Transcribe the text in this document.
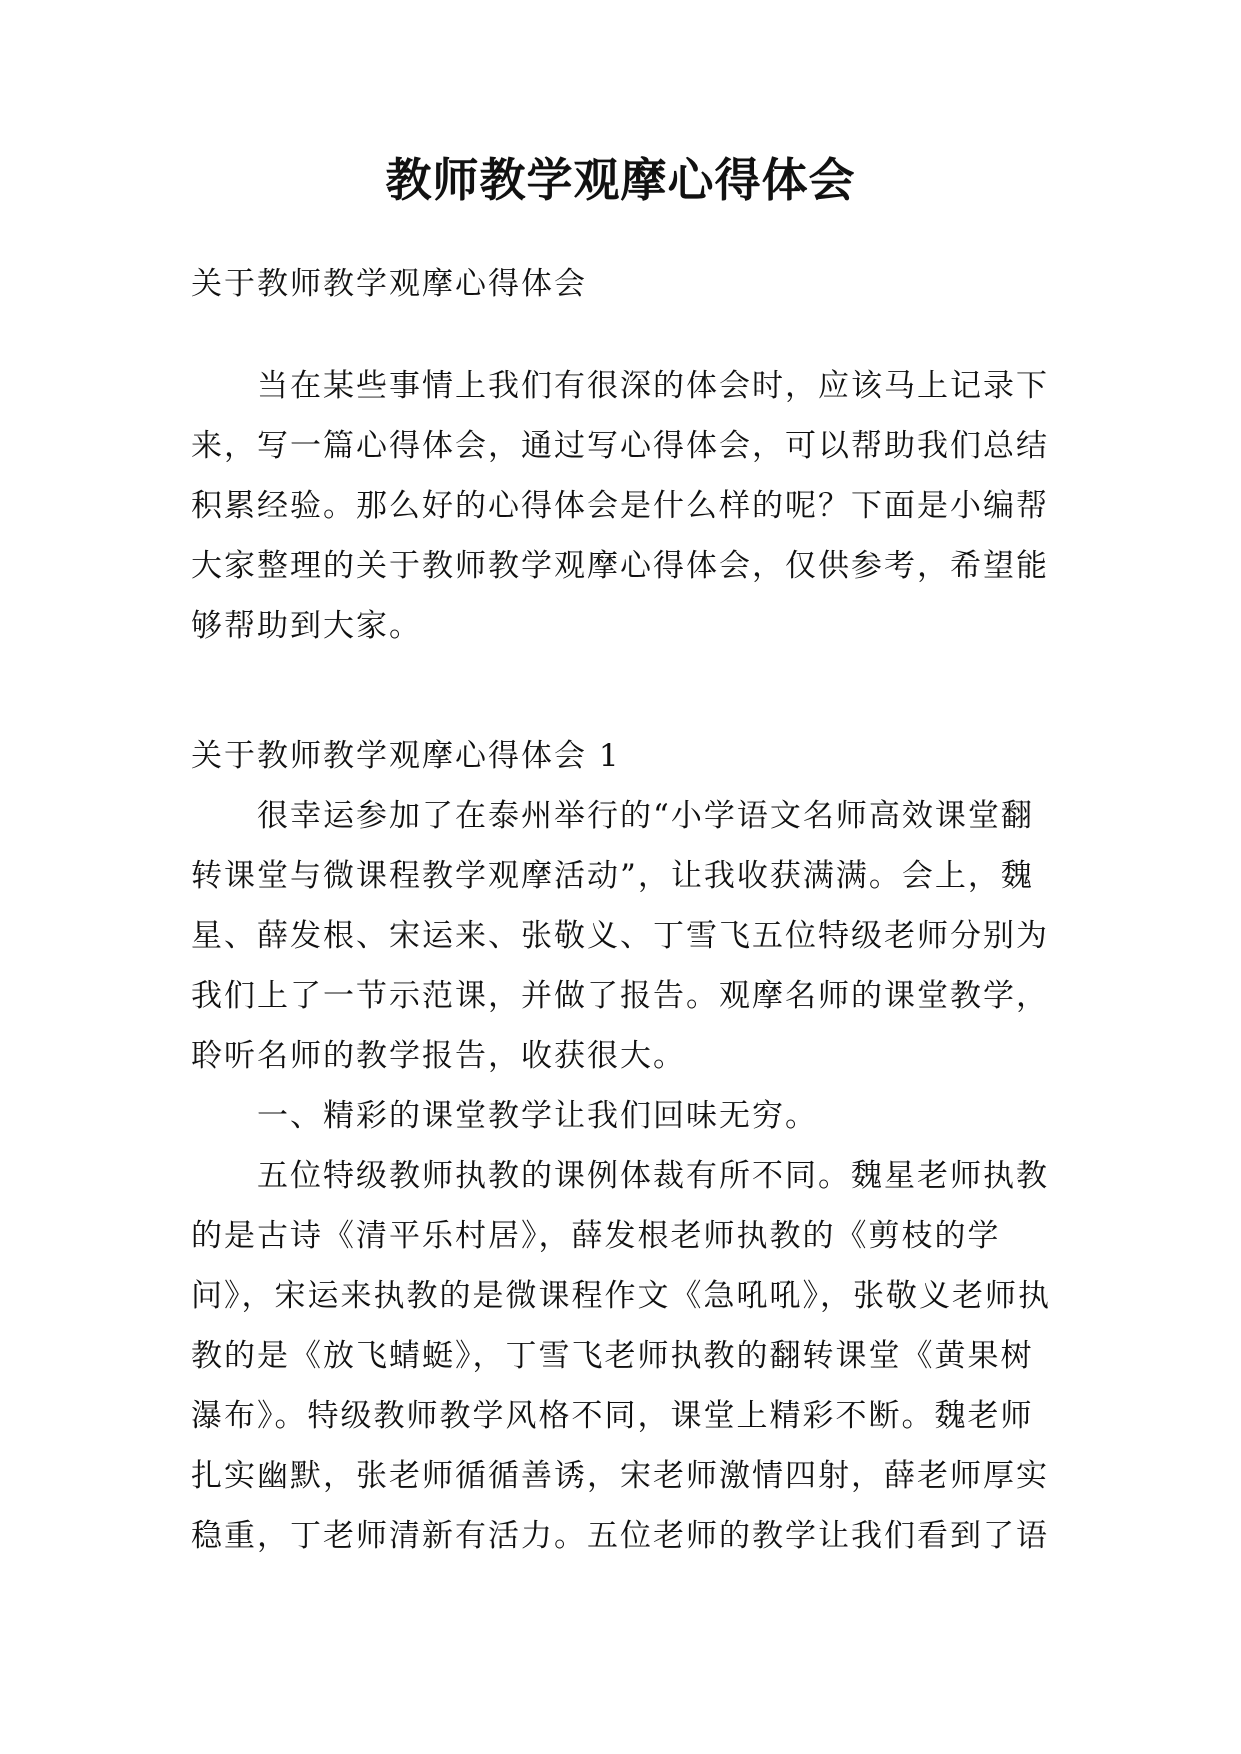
教师教学观摩心得体会

关于教师教学观摩心得体会

当在某些事情上我们有很深的体会时，应该马上记录下
来，写一篇心得体会，通过写心得体会，可以帮助我们总结
积累经验。那么好的心得体会是什么样的呢？下面是小编帮
大家整理的关于教师教学观摩心得体会，仅供参考，希望能
够帮助到大家。

关于教师教学观摩心得体会 1
很幸运参加了在泰州举行的“小学语文名师高效课堂翻
转课堂与微课程教学观摩活动”，让我收获满满。会上，魏
星、薛发根、宋运来、张敬义、丁雪飞五位特级老师分别为
我们上了一节示范课，并做了报告。观摩名师的课堂教学，
聆听名师的教学报告，收获很大。
一、精彩的课堂教学让我们回味无穷。
五位特级教师执教的课例体裁有所不同。魏星老师执教
的是古诗《清平乐村居》，薛发根老师执教的《剪枝的学
问》，宋运来执教的是微课程作文《急吼吼》，张敬义老师执
教的是《放飞蜻蜓》，丁雪飞老师执教的翻转课堂《黄果树
瀑布》。特级教师教学风格不同，课堂上精彩不断。魏老师
扎实幽默，张老师循循善诱，宋老师激情四射，薛老师厚实
稳重，丁老师清新有活力。五位老师的教学让我们看到了语
